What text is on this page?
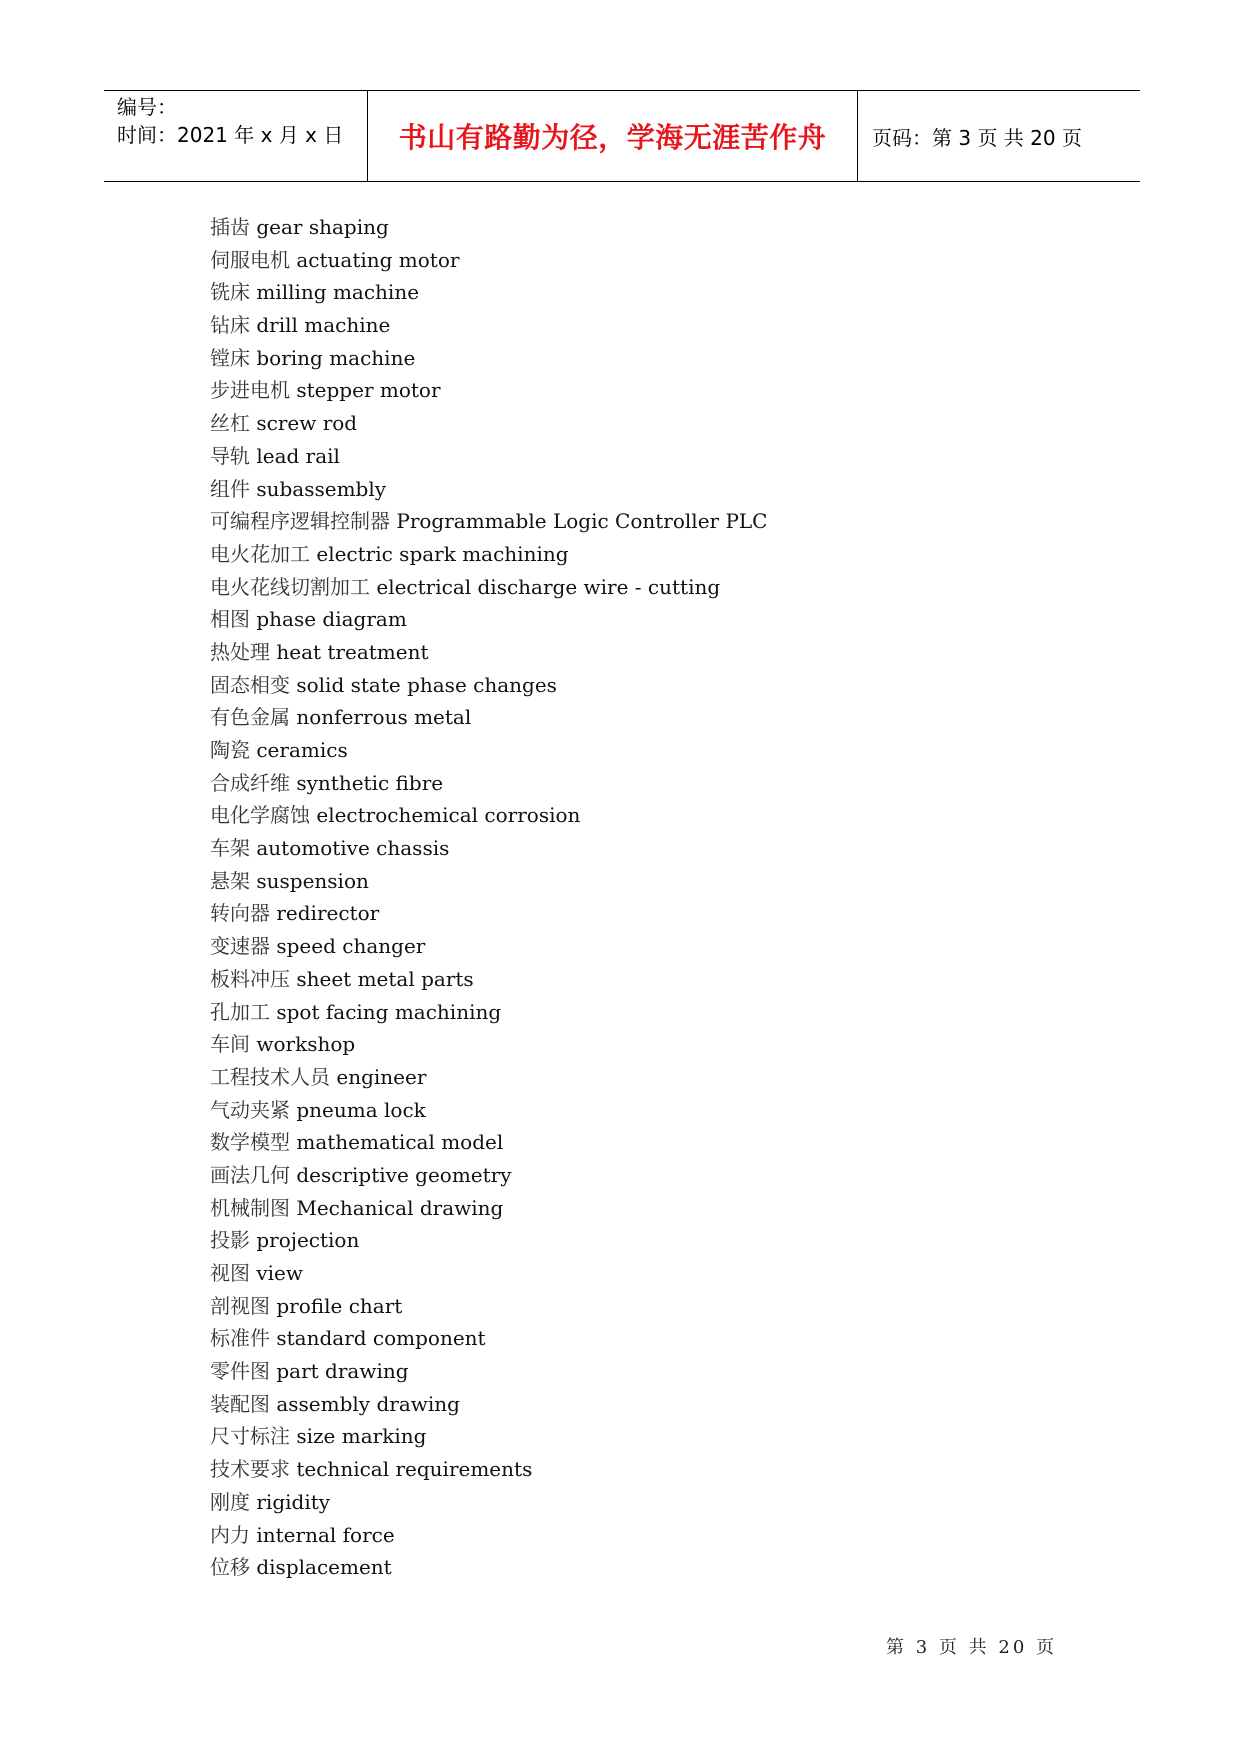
编号：
时间：2021 年 x 月 x 日	书山有路勤为径，学海无涯苦作舟 页码：第 3 页 共 20 页
插齿 gear shaping
伺服电机 actuating motor
铣床 milling machine
钻床 drill machine
镗床 boring machine
步进电机 stepper motor
丝杠 screw rod
导轨 lead rail
组件 subassembly
可编程序逻辑控制器 Programmable Logic Controller PLC
电火花加工 electric spark machining
电火花线切割加工 electrical discharge wire - cutting
相图 phase diagram
热处理 heat treatment
固态相变 solid state phase changes
有色金属 nonferrous metal
陶瓷 ceramics
合成纤维 synthetic fibre
电化学腐蚀 electrochemical corrosion
车架 automotive chassis
悬架 suspension
转向器 redirector
变速器 speed changer
板料冲压 sheet metal parts
孔加工 spot facing machining
车间 workshop
工程技术人员 engineer
气动夹紧 pneuma lock
数学模型 mathematical model
画法几何 descriptive geometry
机械制图 Mechanical drawing
投影 projection
视图 view
剖视图 profile chart
标准件 standard component
零件图 part drawing
装配图 assembly drawing
尺寸标注 size marking
技术要求 technical requirements
刚度 rigidity
内力 internal force
位移 displacement
第 3 页 共 20 页
